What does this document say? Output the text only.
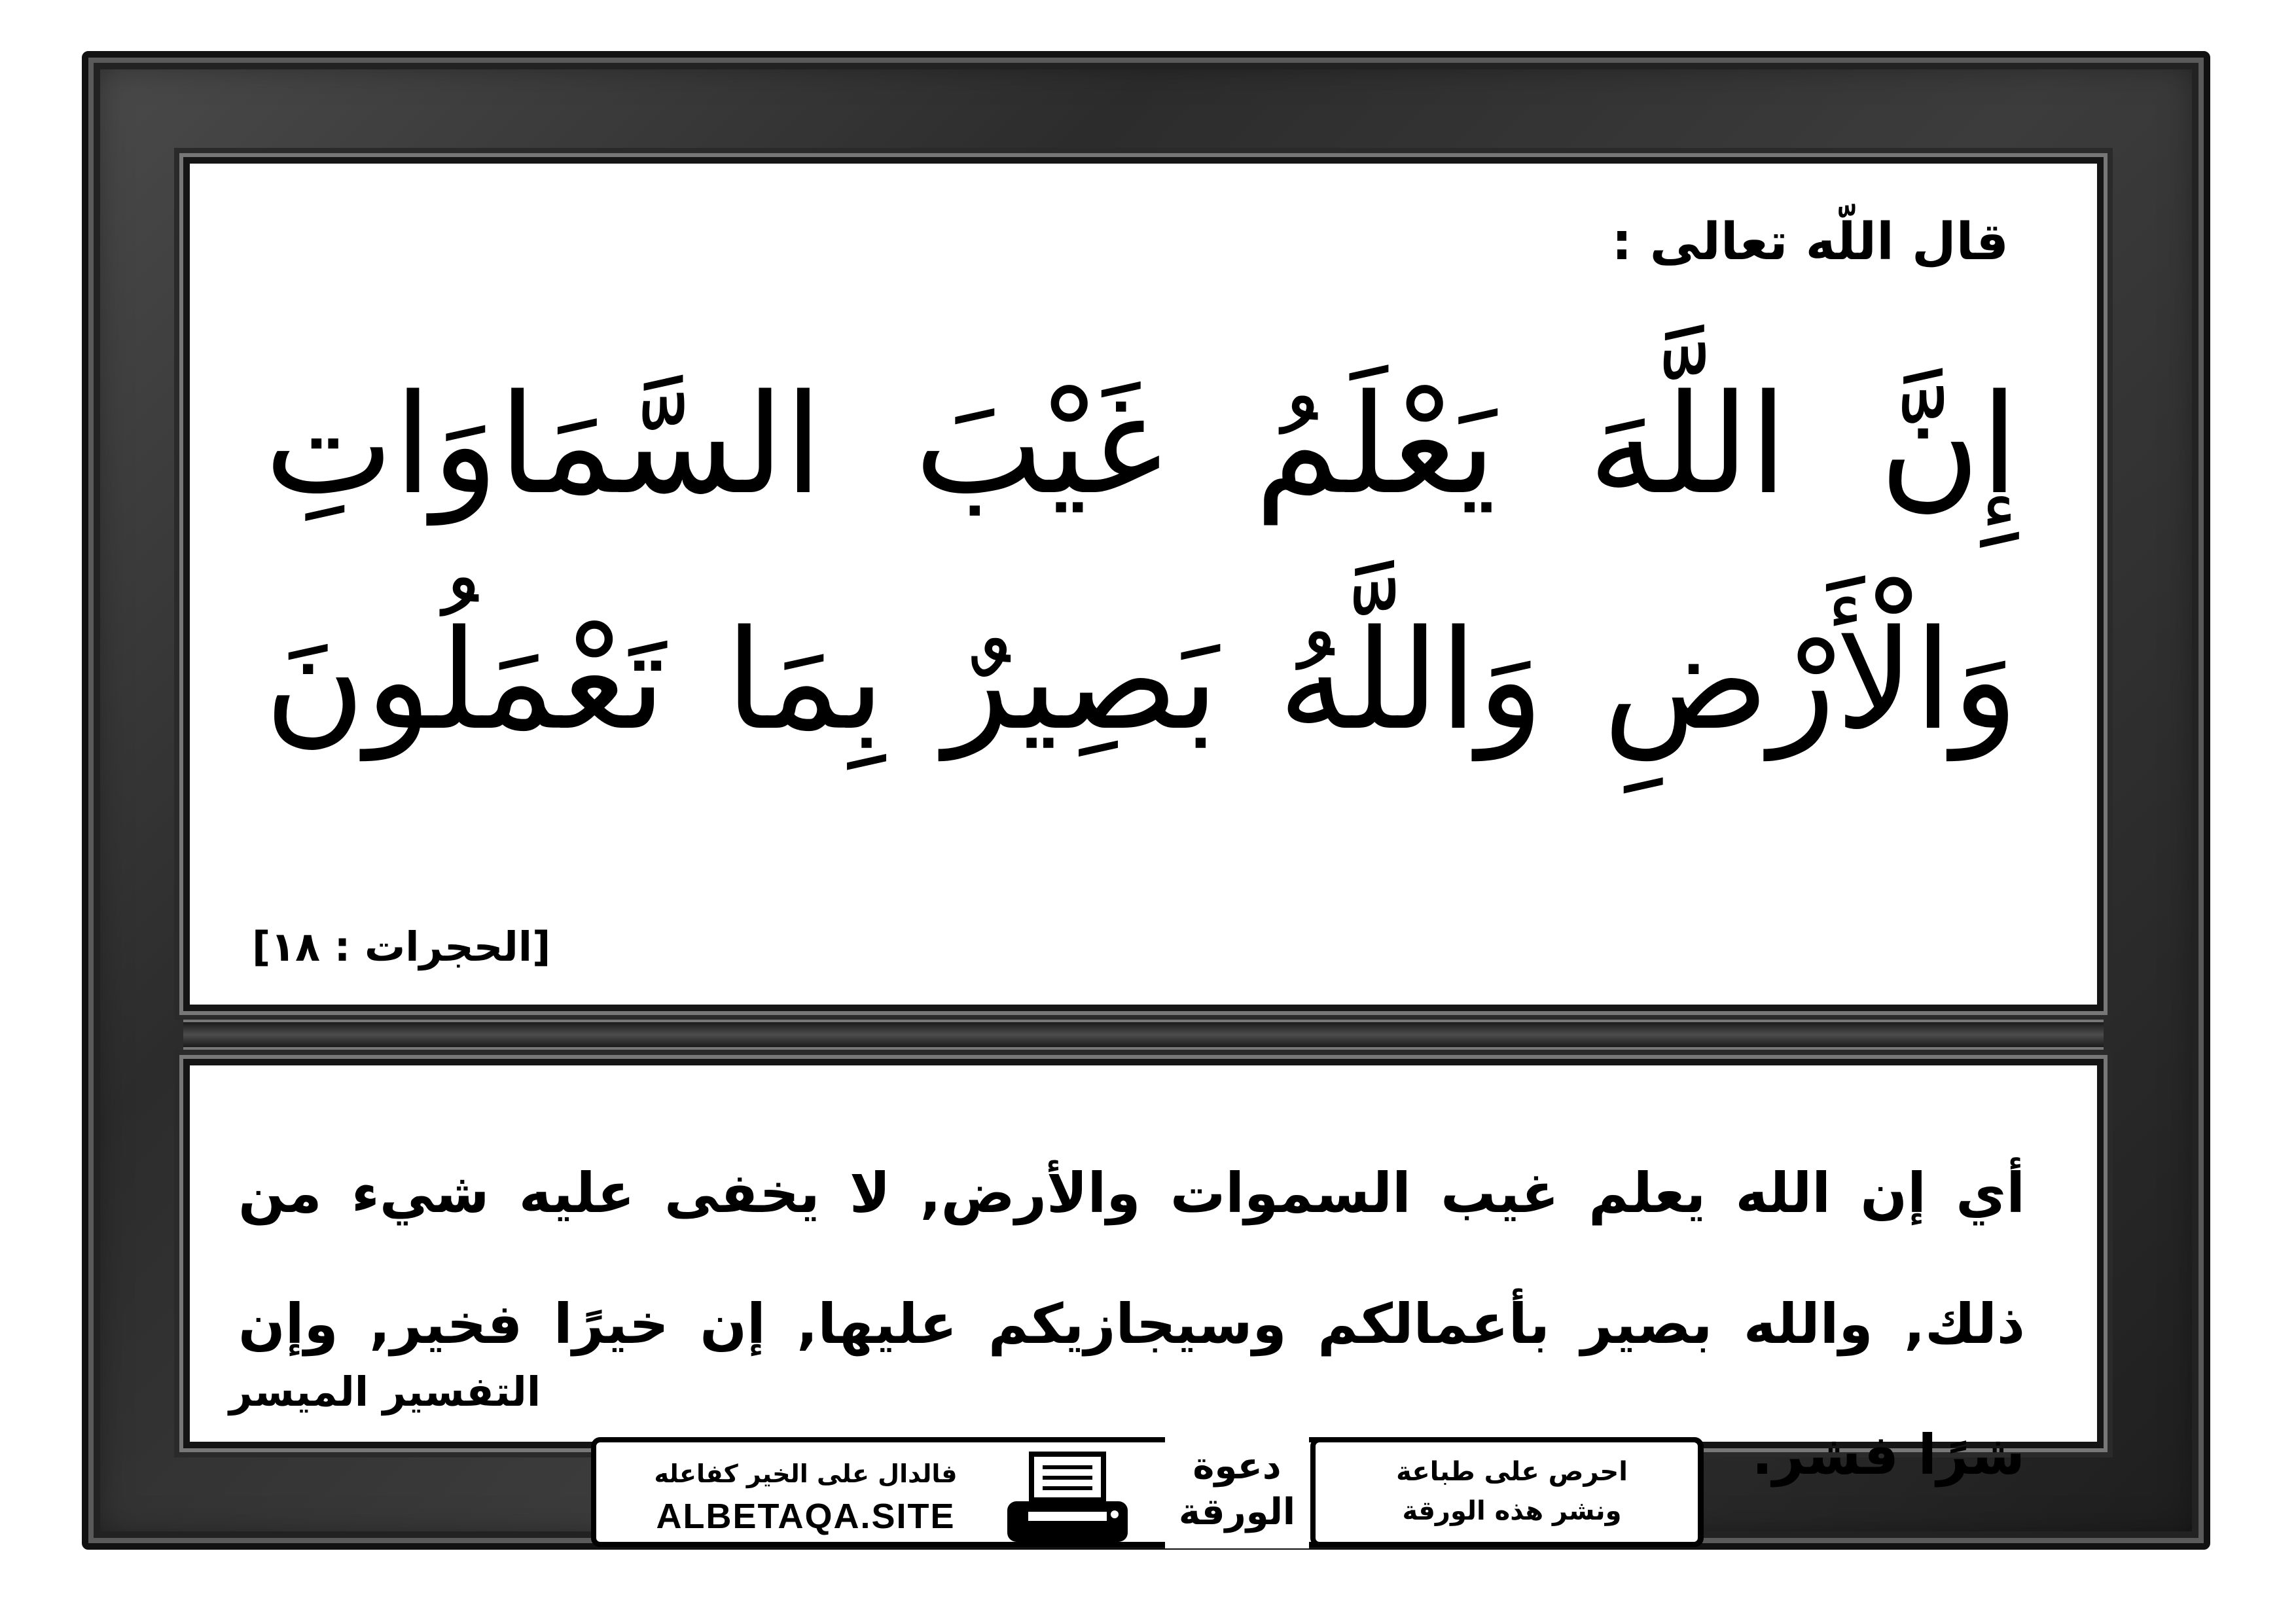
قال اللّه تعالى :
إِنَّ اللَّهَ يَعْلَمُ غَيْبَ السَّمَاوَاتِ وَالْأَرْضِ وَاللَّهُ بَصِيرٌ بِمَا تَعْمَلُونَ
[الحجرات : ١٨]
أي إن الله يعلم غيب السموات والأرض, لا يخفى عليه شيء من ذلك, والله بصير بأعمالكم وسيجازيكم عليها, إن خيرًا فخير, وإن شرًا فشر.
التفسير الميسر
فالدال على الخير كفاعله
ALBETAQA.SITE
احرص على طباعة
ونشر هذه الورقة
دعوة
الورقة
